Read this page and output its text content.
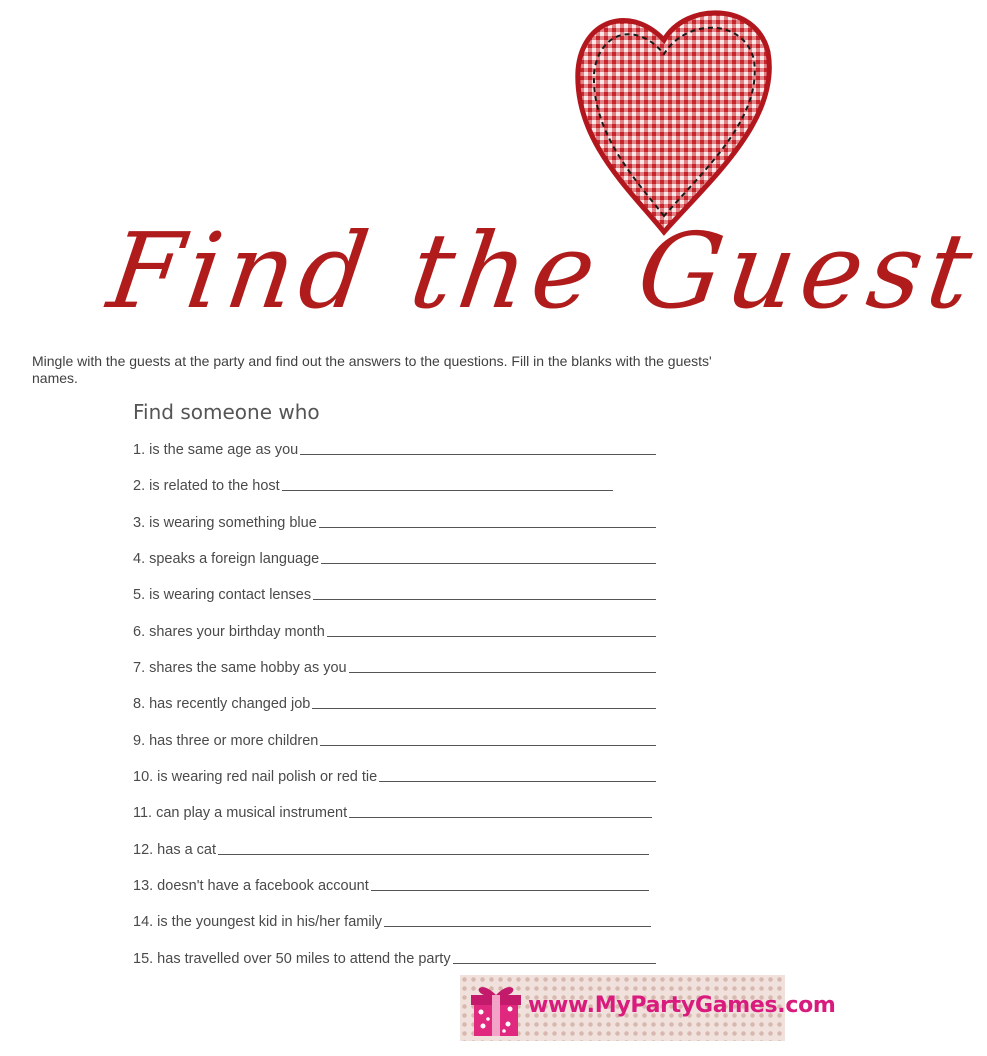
Find the Guest
Mingle with the guests at the party and find out the answers to the questions. Fill in the blanks with the guests' names.
Find someone who
1. is the same age as you
2. is related to the host
3. is wearing something blue
4. speaks a foreign language
5. is wearing contact lenses
6. shares your birthday month
7. shares the same hobby as you
8. has recently changed job
9. has three or more children
10. is wearing red nail polish or red tie
11. can play a musical instrument
12. has a cat
13. doesn't have a facebook account
14. is the youngest kid in his/her family
15. has travelled over 50 miles to attend the party
www.MyPartyGames.com
